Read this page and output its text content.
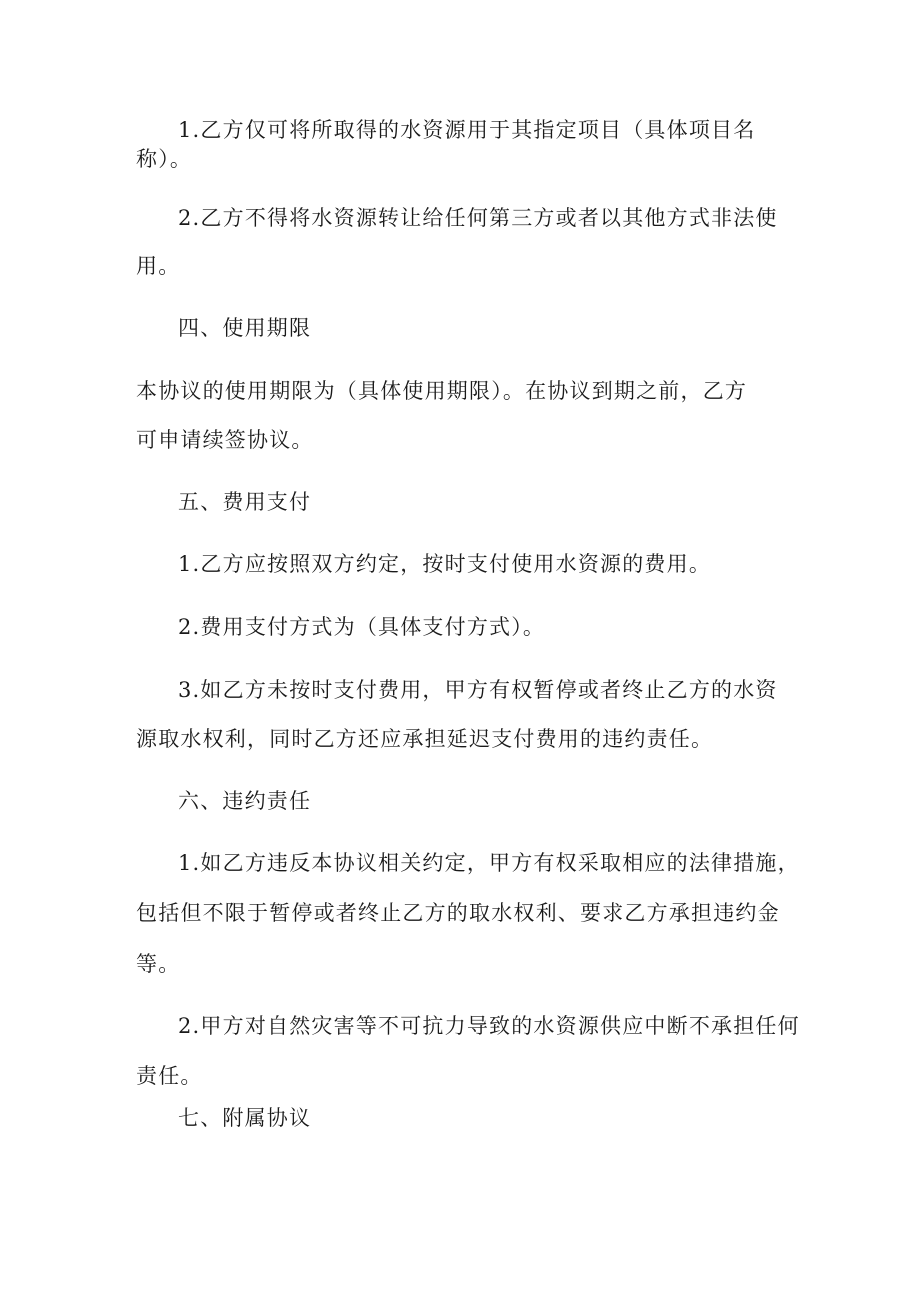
1.乙方仅可将所取得的水资源用于其指定项目（具体项目名
称）。
2.乙方不得将水资源转让给任何第三方或者以其他方式非法使
用。
四、使用期限
本协议的使用期限为（具体使用期限）。在协议到期之前，乙方
可申请续签协议。
五、费用支付
1.乙方应按照双方约定，按时支付使用水资源的费用。
2.费用支付方式为（具体支付方式）。
3.如乙方未按时支付费用，甲方有权暂停或者终止乙方的水资
源取水权利，同时乙方还应承担延迟支付费用的违约责任。
六、违约责任
1.如乙方违反本协议相关约定，甲方有权采取相应的法律措施，
包括但不限于暂停或者终止乙方的取水权利、要求乙方承担违约金
等。
2.甲方对自然灾害等不可抗力导致的水资源供应中断不承担任何
责任。
七、附属协议
